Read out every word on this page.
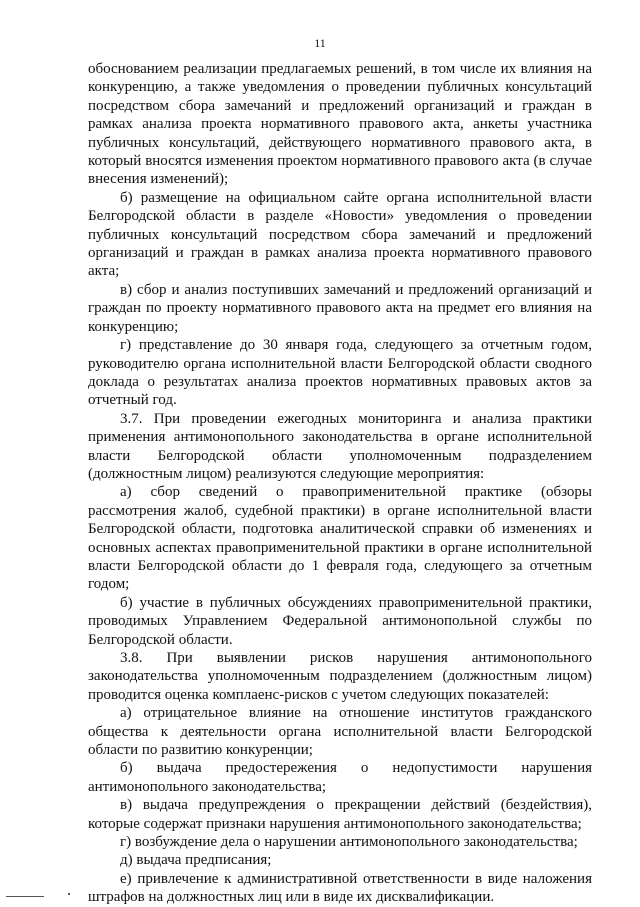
11

обоснованием реализации предлагаемых решений, в том числе их влияния на конкуренцию, а также уведомления о проведении публичных консультаций посредством сбора замечаний и предложений организаций и граждан в рамках анализа проекта нормативного правового акта, анкеты участника публичных консультаций, действующего нормативного правового акта, в который вносятся изменения проектом нормативного правового акта (в случае внесения изменений);

б) размещение на официальном сайте органа исполнительной власти Белгородской области в разделе «Новости» уведомления о проведении публичных консультаций посредством сбора замечаний и предложений организаций и граждан в рамках анализа проекта нормативного правового акта;

в) сбор и анализ поступивших замечаний и предложений организаций и граждан по проекту нормативного правового акта на предмет его влияния на конкуренцию;

г) представление до 30 января года, следующего за отчетным годом, руководителю органа исполнительной власти Белгородской области сводного доклада о результатах анализа проектов нормативных правовых актов за отчетный год.

3.7. При проведении ежегодных мониторинга и анализа практики применения антимонопольного законодательства в органе исполнительной власти Белгородской области уполномоченным подразделением (должностным лицом) реализуются следующие мероприятия:

а) сбор сведений о правоприменительной практике (обзоры рассмотрения жалоб, судебной практики) в органе исполнительной власти Белгородской области, подготовка аналитической справки об изменениях и основных аспектах правоприменительной практики в органе исполнительной власти Белгородской области до 1 февраля года, следующего за отчетным годом;

б) участие в публичных обсуждениях правоприменительной практики, проводимых Управлением Федеральной антимонопольной службы по Белгородской области.

3.8. При выявлении рисков нарушения антимонопольного законодательства уполномоченным подразделением (должностным лицом) проводится оценка комплаенс-рисков с учетом следующих показателей:

а) отрицательное влияние на отношение институтов гражданского общества к деятельности органа исполнительной власти Белгородской области по развитию конкуренции;

б) выдача предостережения о недопустимости нарушения антимонопольного законодательства;

в) выдача предупреждения о прекращении действий (бездействия), которые содержат признаки нарушения антимонопольного законодательства;

г) возбуждение дела о нарушении антимонопольного законодательства;

д) выдача предписания;

е) привлечение к административной ответственности в виде наложения штрафов на должностных лиц или в виде их дисквалификации.
